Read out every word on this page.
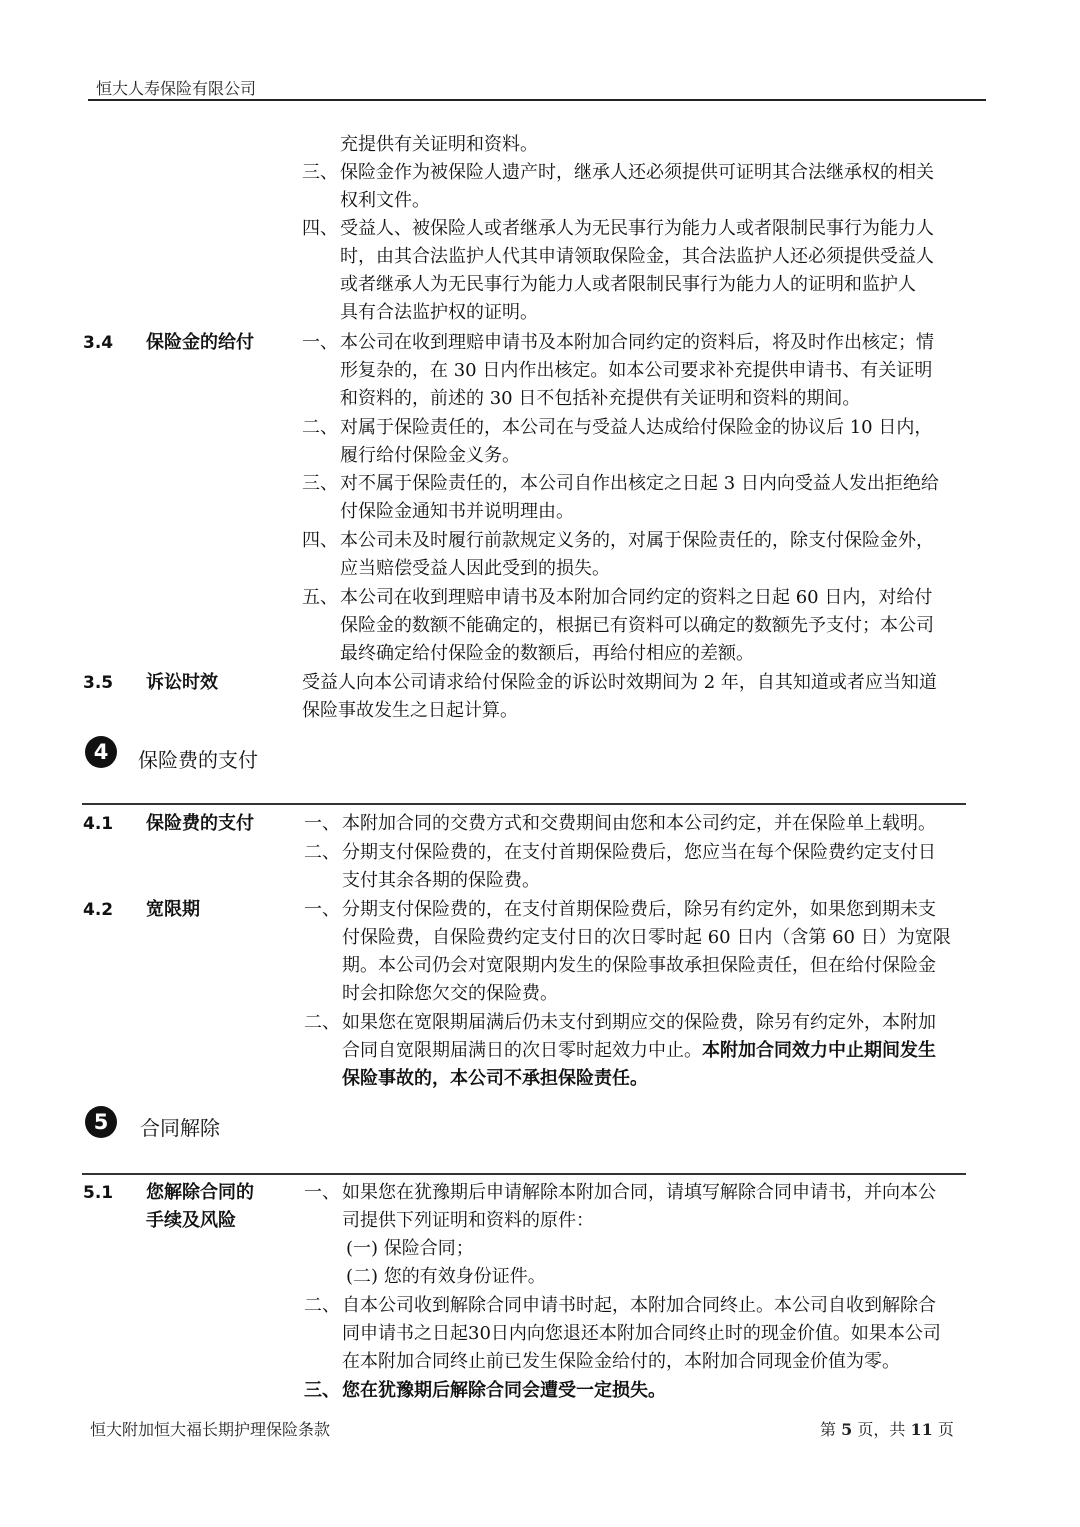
恒大人寿保险有限公司
充提供有关证明和资料。
三、 保险金作为被保险人遗产时，继承人还必须提供可证明其合法继承权的相关
权利文件。
四、 受益人、被保险人或者继承人为无民事行为能力人或者限制民事行为能力人
时，由其合法监护人代其申请领取保险金，其合法监护人还必须提供受益人
或者继承人为无民事行为能力人或者限制民事行为能力人的证明和监护人
具有合法监护权的证明。
3.4 保险金的给付	一、 本公司在收到理赔申请书及本附加合同约定的资料后，将及时作出核定；情
形复杂的，在 30 日内作出核定。如本公司要求补充提供申请书、有关证明
和资料的，前述的 30 日不包括补充提供有关证明和资料的期间。
二、 对属于保险责任的，本公司在与受益人达成给付保险金的协议后 10 日内，
履行给付保险金义务。
三、 对不属于保险责任的，本公司自作出核定之日起 3 日内向受益人发出拒绝给
付保险金通知书并说明理由。
四、 本公司未及时履行前款规定义务的，对属于保险责任的，除支付保险金外，
应当赔偿受益人因此受到的损失。
五、 本公司在收到理赔申请书及本附加合同约定的资料之日起 60 日内，对给付
保险金的数额不能确定的，根据已有资料可以确定的数额先予支付；本公司
最终确定给付保险金的数额后，再给付相应的差额。
3.5 诉讼时效	受益人向本公司请求给付保险金的诉讼时效期间为 2 年，自其知道或者应当知道
保险事故发生之日起计算。
4	保险费的支付
4.1 保险费的支付	一、 本附加合同的交费方式和交费期间由您和本公司约定，并在保险单上载明。
二、 分期支付保险费的，在支付首期保险费后，您应当在每个保险费约定支付日
支付其余各期的保险费。
4.2 宽限期	一、 分期支付保险费的，在支付首期保险费后，除另有约定外，如果您到期未支
付保险费，自保险费约定支付日的次日零时起 60 日内（含第 60 日）为宽限
期。本公司仍会对宽限期内发生的保险事故承担保险责任，但在给付保险金
时会扣除您欠交的保险费。
二、 如果您在宽限期届满后仍未支付到期应交的保险费，除另有约定外，本附加
合同自宽限期届满日的次日零时起效力中止。本附加合同效力中止期间发生
保险事故的，本公司不承担保险责任。
5	合同解除
5.1 您解除合同的
手续及风险
一、 如果您在犹豫期后申请解除本附加合同，请填写解除合同申请书，并向本公
司提供下列证明和资料的原件：
(一) 保险合同；
(二) 您的有效身份证件。
二、 自本公司收到解除合同申请书时起，本附加合同终止。本公司自收到解除合
同申请书之日起30日内向您退还本附加合同终止时的现金价值。如果本公司
在本附加合同终止前已发生保险金给付的，本附加合同现金价值为零。
三、 您在犹豫期后解除合同会遭受一定损失。
恒大附加恒大福长期护理保险条款	第 5 页，共 11 页
